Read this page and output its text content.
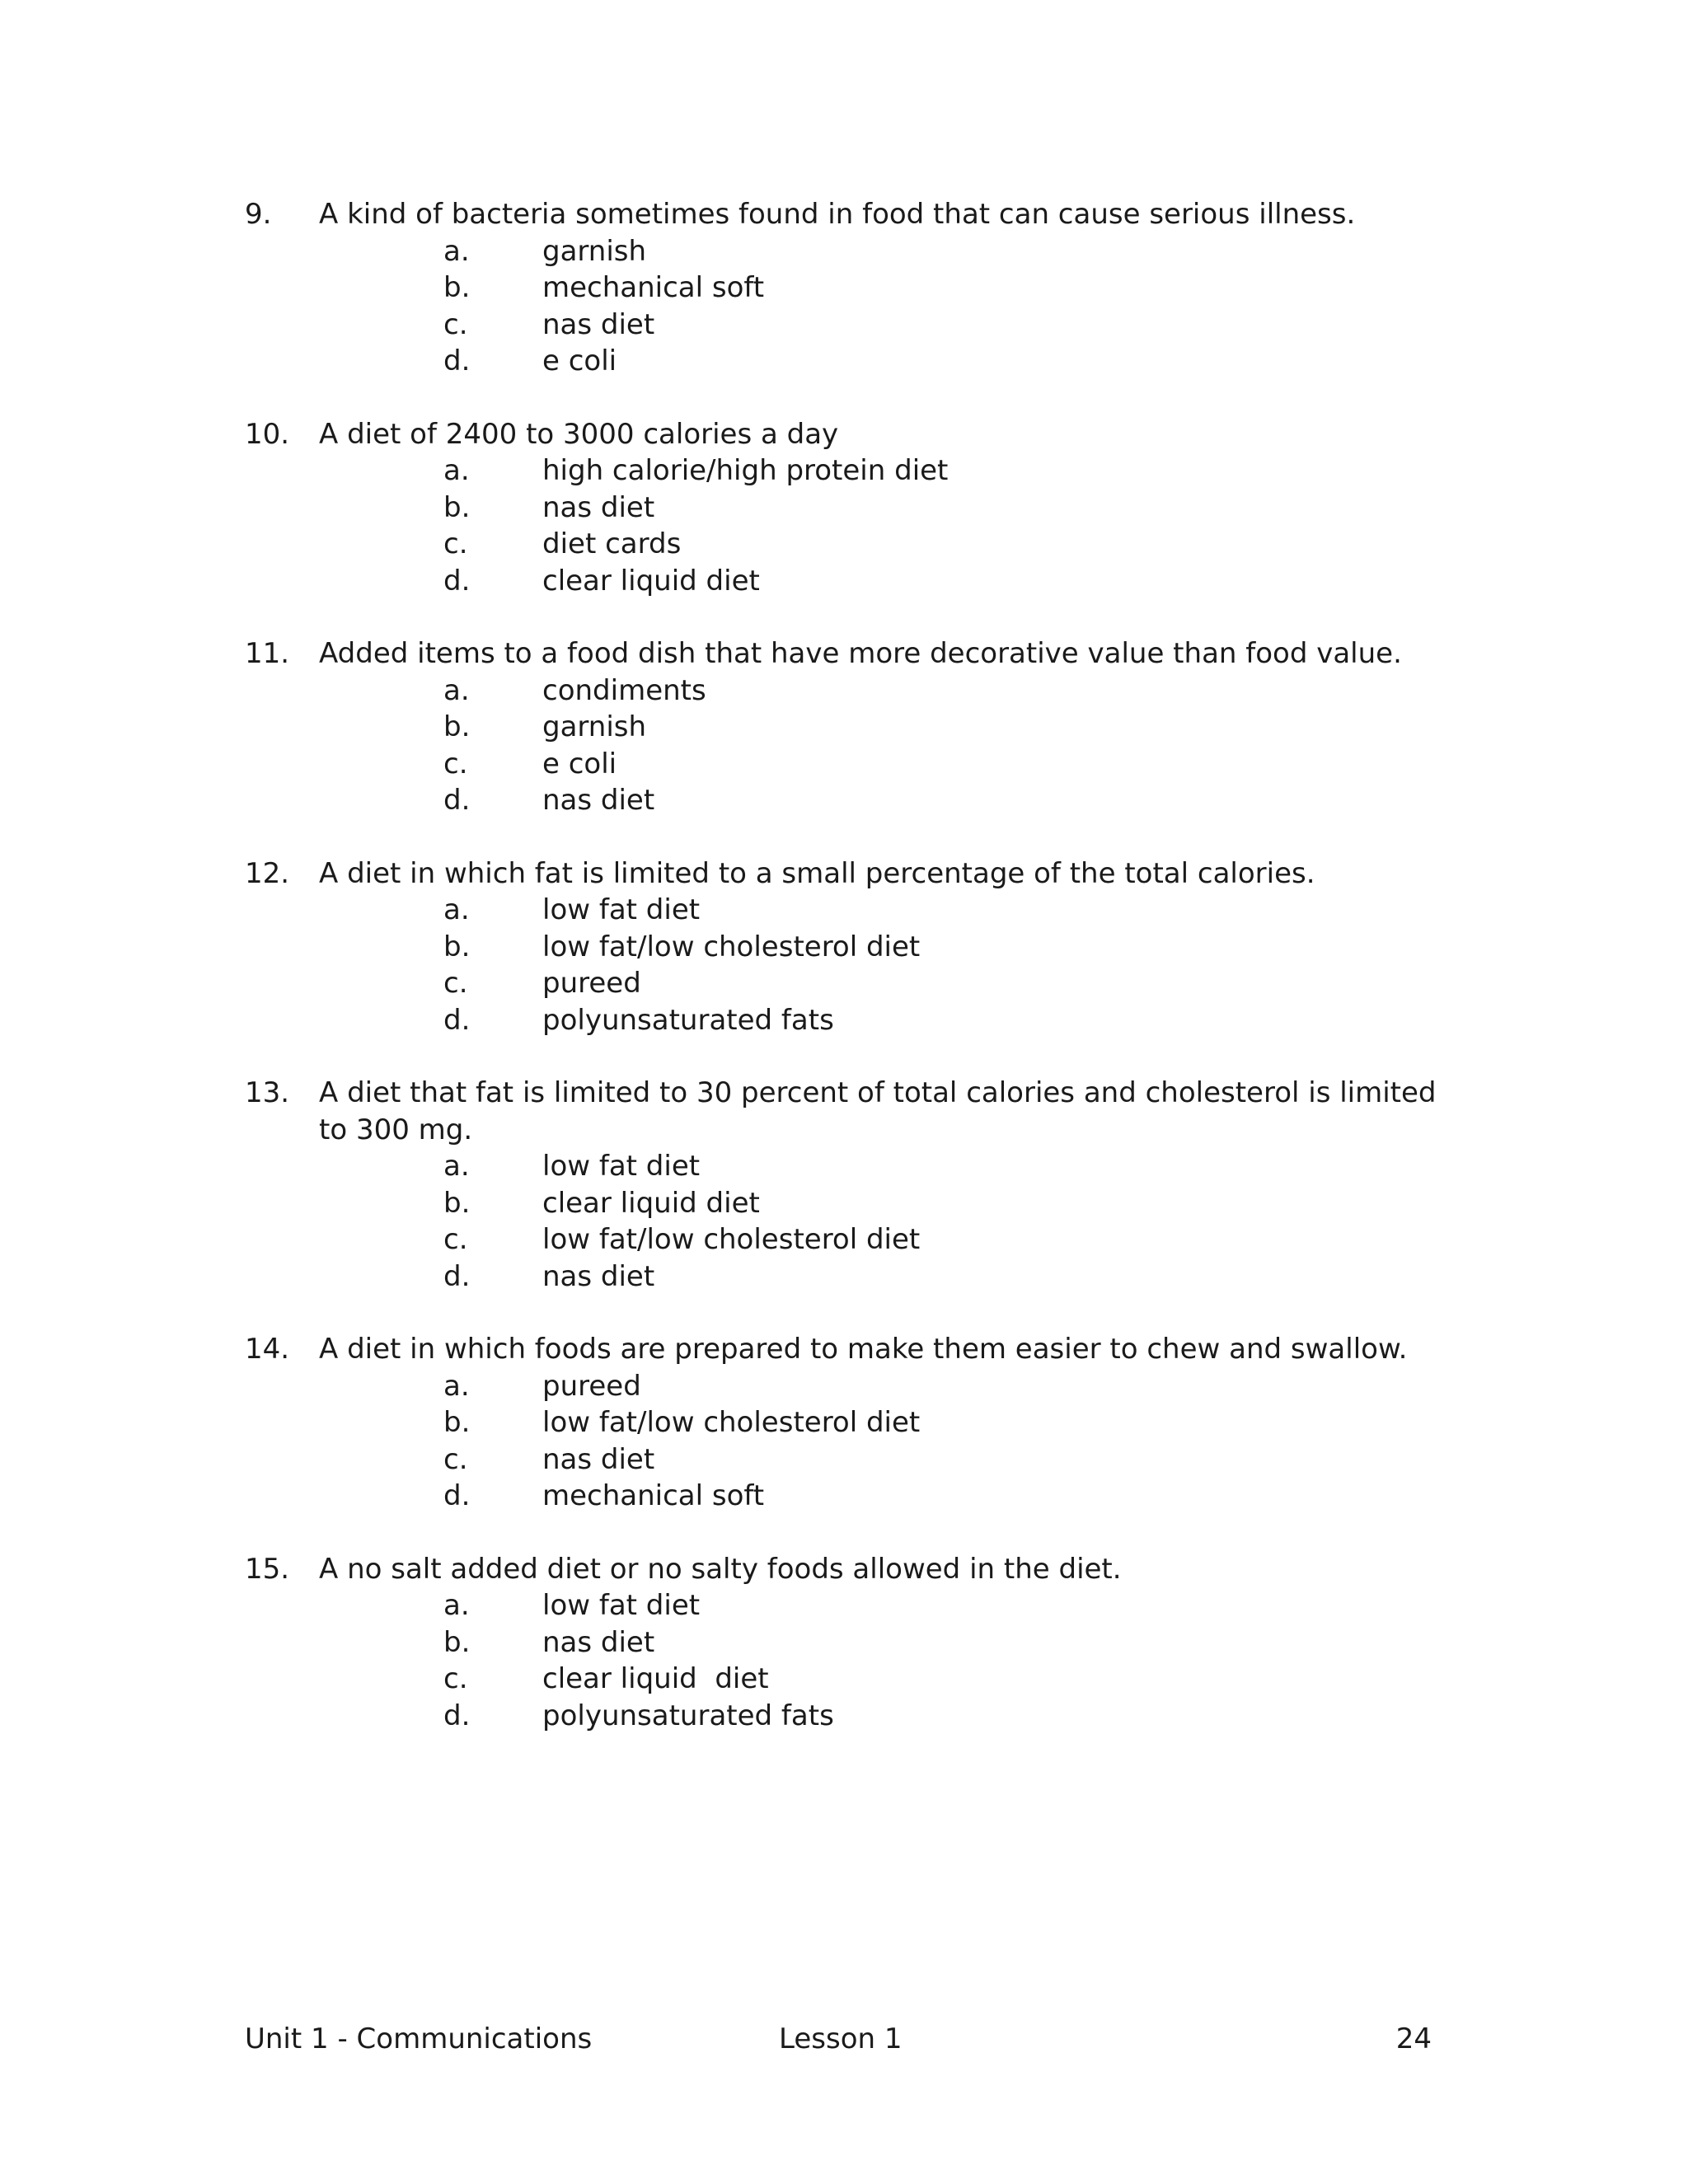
9.	A kind of bacteria sometimes found in food that can cause serious illness.
a.	garnish
b.	mechanical soft
c.	nas diet
d.	e coli
10.	A diet of 2400 to 3000 calories a day
a.	high calorie/high protein diet
b.	nas diet
c.	diet cards
d.	clear liquid diet
11.	Added items to a food dish that have more decorative value than food value.
a.	condiments
b.	garnish
c.	e coli
d.	nas diet
12.	A diet in which fat is limited to a small percentage of the total calories.
a.	low fat diet
b.	low fat/low cholesterol diet
c.	pureed
d.	polyunsaturated fats
13.	A diet that fat is limited to 30 percent of total calories and cholesterol is limited to 300 mg.
a.	low fat diet
b.	clear liquid diet
c.	low fat/low cholesterol diet
d.	nas diet
14.	A diet in which foods are prepared to make them easier to chew and swallow.
a.	pureed
b.	low fat/low cholesterol diet
c.	nas diet
d.	mechanical soft
15.	A no salt added diet or no salty foods allowed in the diet.
a.	low fat diet
b.	nas diet
c.	clear liquid  diet
d.	polyunsaturated fats
Unit 1 - Communications	Lesson 1	24
